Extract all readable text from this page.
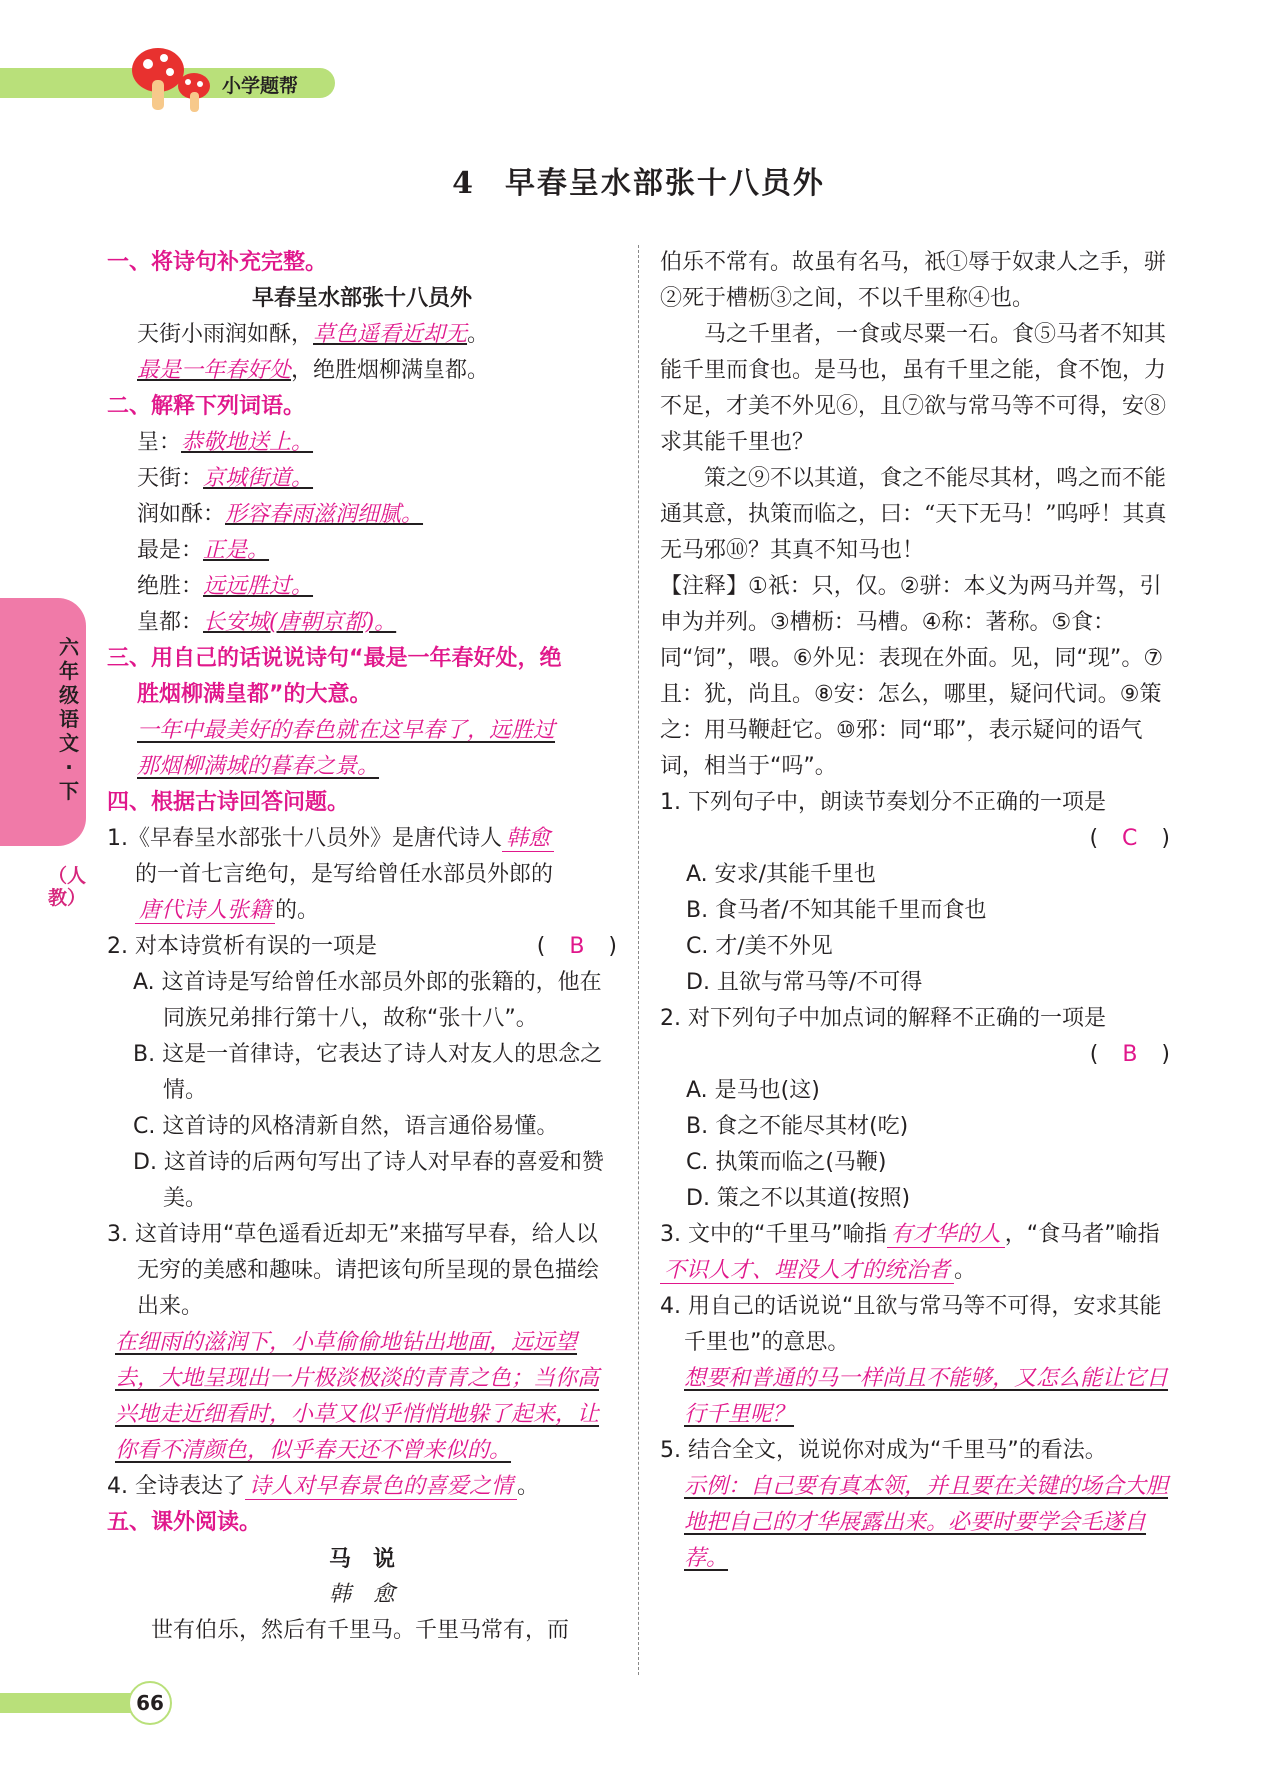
小学题帮
4 早春呈水部张十八员外
六年级语文·下
（人教）
一、将诗句补充完整。
早春呈水部张十八员外
天街小雨润如酥，草色遥看近却无。
最是一年春好处，绝胜烟柳满皇都。
二、解释下列词语。
呈：恭敬地送上。
天街：京城街道。
润如酥：形容春雨滋润细腻。
最是：正是。
绝胜：远远胜过。
皇都：长安城(唐朝京都)。
三、用自己的话说说诗句“最是一年春好处，绝
胜烟柳满皇都”的大意。
一年中最美好的春色就在这早春了，远胜过
那烟柳满城的暮春之景。
四、根据古诗回答问题。
1.《早春呈水部张十八员外》是唐代诗人 韩愈
的一首七言绝句，是写给曾任水部员外郎的
唐代诗人张籍 的。
2. 对本诗赏析有误的一项是	( B )
A. 这首诗是写给曾任水部员外郎的张籍的，他在同族兄弟排行第十八，故称“张十八”。
B. 这是一首律诗，它表达了诗人对友人的思念之情。
C. 这首诗的风格清新自然，语言通俗易懂。
D. 这首诗的后两句写出了诗人对早春的喜爱和赞美。
3. 这首诗用“草色遥看近却无”来描写早春，给人以无穷的美感和趣味。请把该句所呈现的景色描绘出来。
在细雨的滋润下，小草偷偷地钻出地面，远远望去，大地呈现出一片极淡极淡的青青之色；当你高兴地走近细看时，小草又似乎悄悄地躲了起来，让你看不清颜色，似乎春天还不曾来似的。
4. 全诗表达了 诗人对早春景色的喜爱之情 。
五、课外阅读。
马　说
韩　愈
世有伯乐，然后有千里马。千里马常有，而
伯乐不常有。故虽有名马，祇①辱于奴隶人之手，骈②死于槽枥③之间，不以千里称④也。
马之千里者，一食或尽粟一石。食⑤马者不知其能千里而食也。是马也，虽有千里之能，食不饱，力不足，才美不外见⑥，且⑦欲与常马等不可得，安⑧求其能千里也？
策之⑨不以其道，食之不能尽其材，鸣之而不能通其意，执策而临之，曰：“天下无马！”呜呼！其真无马邪⑩？其真不知马也！
【注释】①祇：只，仅。②骈：本义为两马并驾，引申为并列。③槽枥：马槽。④称：著称。⑤食：同“饲”，喂。⑥外见：表现在外面。见，同“现”。⑦且：犹，尚且。⑧安：怎么，哪里，疑问代词。⑨策之：用马鞭赶它。⑩邪：同“耶”，表示疑问的语气词，相当于“吗”。
1. 下列句子中，朗读节奏划分不正确的一项是
( C )
A. 安求/其能千里也
B. 食马者/不知其能千里而食也
C. 才/美不外见
D. 且欲与常马等/不可得
2. 对下列句子中加点词的解释不正确的一项是
( B )
A. 是马也(这)
B. 食之不能尽其材(吃)
C. 执策而临之(马鞭)
D. 策之不以其道(按照)
3. 文中的“千里马”喻指 有才华的人 ，“食马者”喻指不识人才、埋没人才的统治者 。
4. 用自己的话说说“且欲与常马等不可得，安求其能千里也”的意思。
想要和普通的马一样尚且不能够，又怎么能让它日行千里呢？
5. 结合全文，说说你对成为“千里马”的看法。
示例：自己要有真本领，并且要在关键的场合大胆地把自己的才华展露出来。必要时要学会毛遂自荐。
66
